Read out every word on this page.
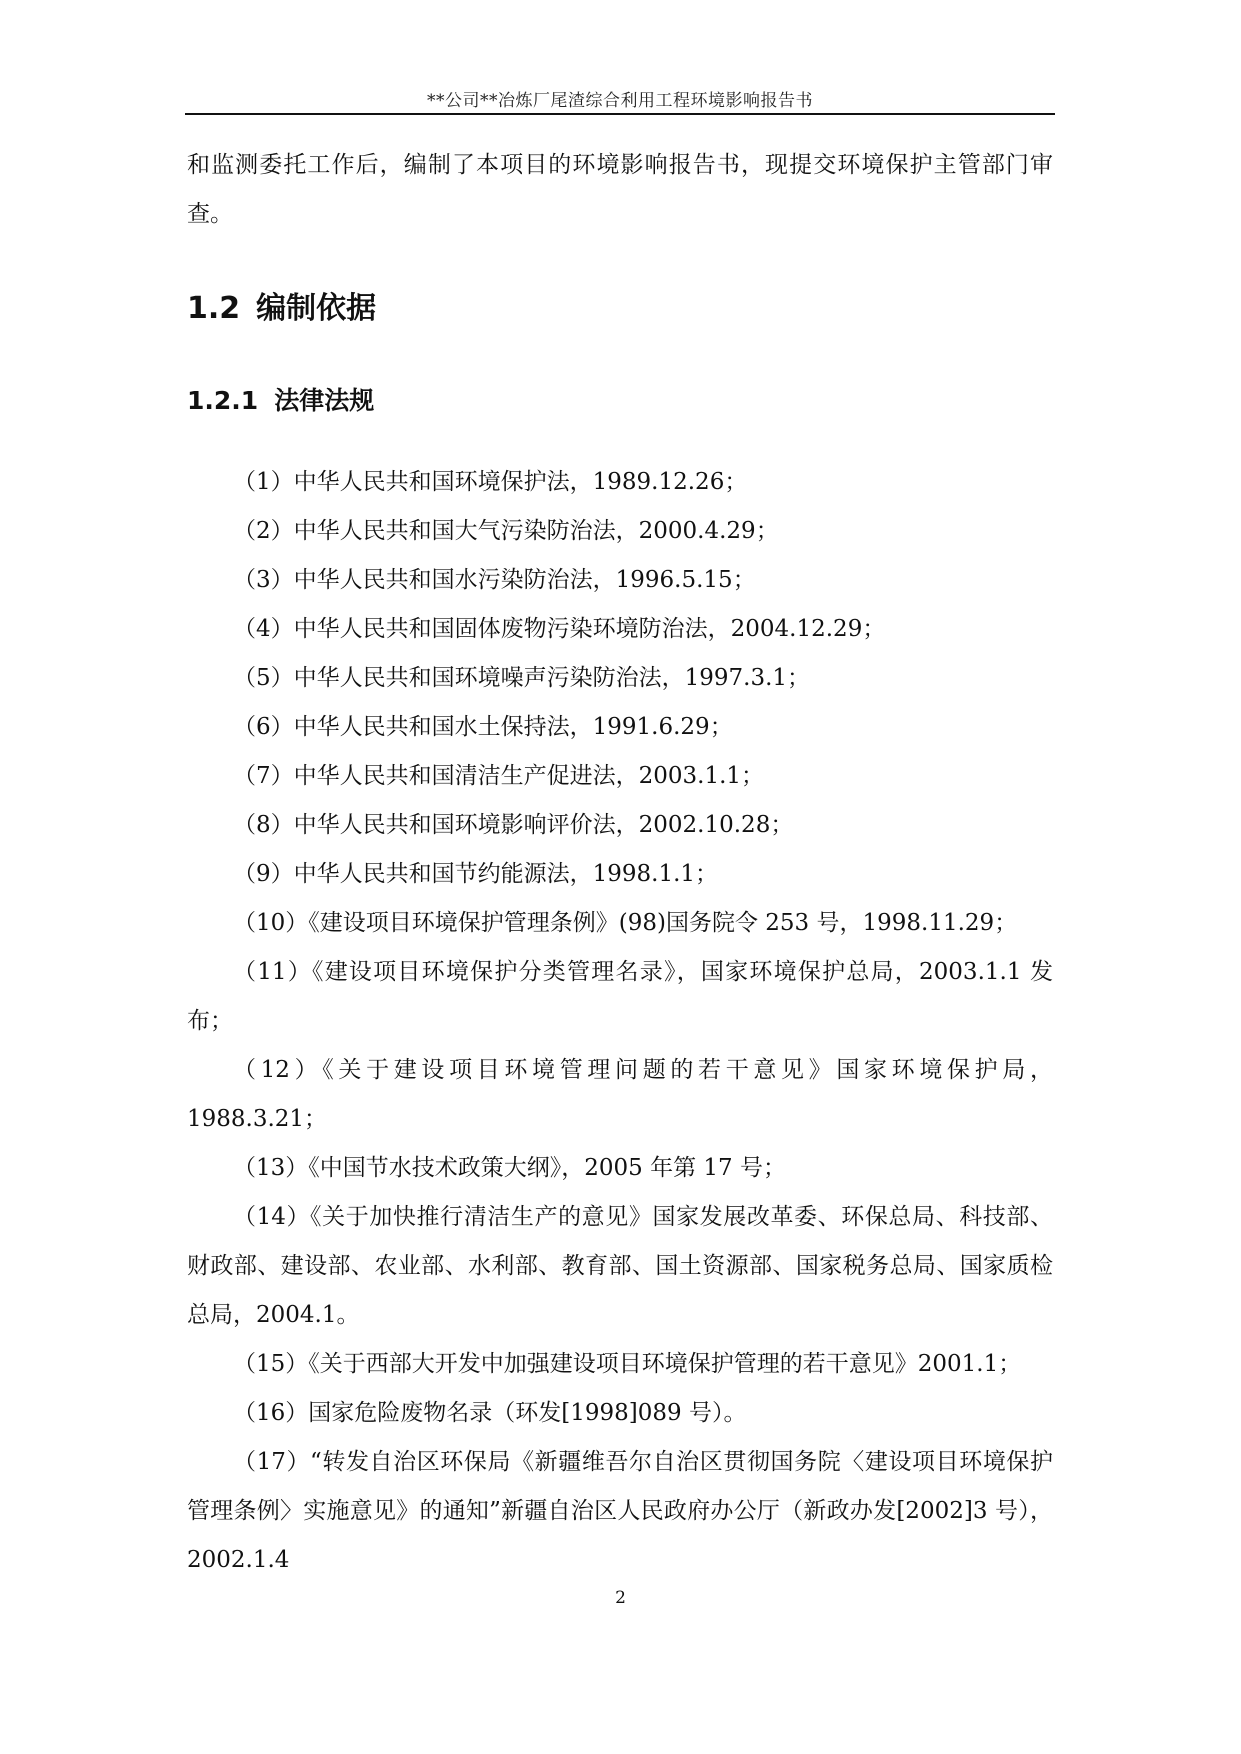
**公司**冶炼厂尾渣综合利用工程环境影响报告书

和监测委托工作后，编制了本项目的环境影响报告书，现提交环境保护主管部门审查。

1.2 编制依据
1.2.1 法律法规
（1）中华人民共和国环境保护法，1989.12.26；
（2）中华人民共和国大气污染防治法，2000.4.29；
（3）中华人民共和国水污染防治法，1996.5.15；
（4）中华人民共和国固体废物污染环境防治法，2004.12.29；
（5）中华人民共和国环境噪声污染防治法，1997.3.1；
（6）中华人民共和国水土保持法，1991.6.29；
（7）中华人民共和国清洁生产促进法，2003.1.1；
（8）中华人民共和国环境影响评价法，2002.10.28；
（9）中华人民共和国节约能源法，1998.1.1；
（10）《建设项目环境保护管理条例》(98)国务院令 253 号，1998.11.29；
（11）《建设项目环境保护分类管理名录》，国家环境保护总局，2003.1.1 发布；
（12）《关于建设项目环境管理问题的若干意见》国家环境保护局，1988.3.21；
（13）《中国节水技术政策大纲》，2005 年第 17 号；
（14）《关于加快推行清洁生产的意见》国家发展改革委、环保总局、科技部、财政部、建设部、农业部、水利部、教育部、国土资源部、国家税务总局、国家质检总局，2004.1。
（15）《关于西部大开发中加强建设项目环境保护管理的若干意见》2001.1；
（16）国家危险废物名录（环发[1998]089 号）。
（17）“转发自治区环保局《新疆维吾尔自治区贯彻国务院〈建设项目环境保护管理条例〉实施意见》的通知”新疆自治区人民政府办公厅（新政办发[2002]3 号），2002.1.4
2
